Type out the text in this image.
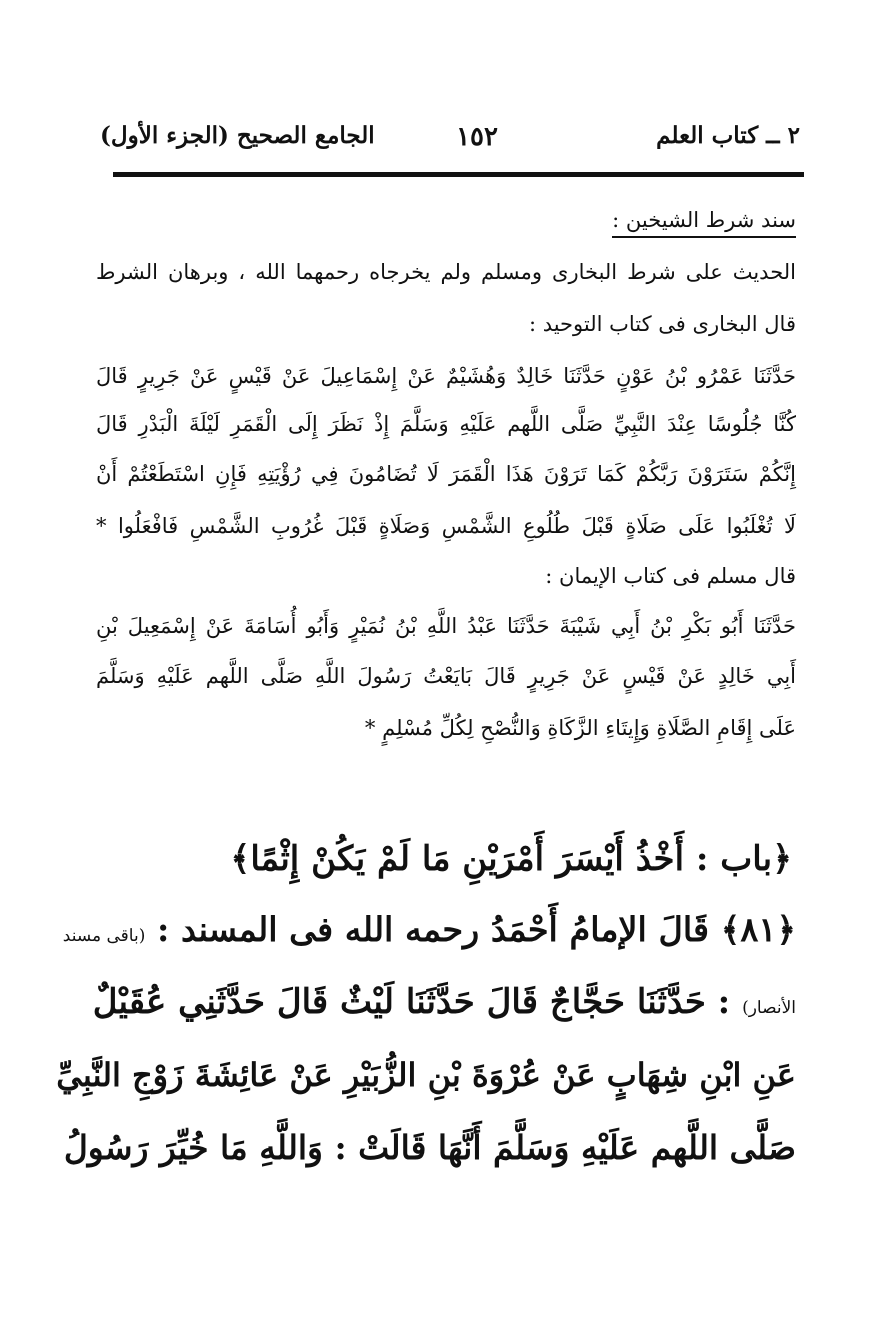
٢ ــ كتاب العلم
١٥٢
الجامع الصحيح (الجزء الأول)
سند شرط الشيخين :
الحديث على شرط البخارى ومسلم ولم يخرجاه رحمهما الله ، وبرهان الشرط
قال البخارى فى كتاب التوحيد :
حَدَّثَنَا عَمْرُو بْنُ عَوْنٍ حَدَّثَنَا خَالِدٌ وَهُشَيْمٌ عَنْ إِسْمَاعِيلَ عَنْ قَيْسٍ عَنْ جَرِيرٍ قَالَ
كُنَّا جُلُوسًا عِنْدَ النَّبِيِّ صَلَّى اللَّهم عَلَيْهِ وَسَلَّمَ إِذْ نَظَرَ إِلَى الْقَمَرِ لَيْلَةَ الْبَدْرِ قَالَ
إِنَّكُمْ سَتَرَوْنَ رَبَّكُمْ كَمَا تَرَوْنَ هَذَا الْقَمَرَ لَا تُضَامُونَ فِي رُؤْيَتِهِ فَإِنِ اسْتَطَعْتُمْ أَنْ
لَا تُغْلَبُوا عَلَى صَلَاةٍ قَبْلَ طُلُوعِ الشَّمْسِ وَصَلَاةٍ قَبْلَ غُرُوبِ الشَّمْسِ فَافْعَلُوا *
قال مسلم فى كتاب الإيمان :
حَدَّثَنَا أَبُو بَكْرِ بْنُ أَبِي شَيْبَةَ حَدَّثَنَا عَبْدُ اللَّهِ بْنُ نُمَيْرٍ وَأَبُو أُسَامَةَ عَنْ إِسْمَعِيلَ بْنِ
أَبِي خَالِدٍ عَنْ قَيْسٍ عَنْ جَرِيرٍ قَالَ بَايَعْتُ رَسُولَ اللَّهِ صَلَّى اللَّهم عَلَيْهِ وَسَلَّمَ
عَلَى إِقَامِ الصَّلَاةِ وَإِيتَاءِ الزَّكَاةِ وَالنُّصْحِ لِكُلِّ مُسْلِمٍ *
﴿باب : أَخْذُ أَيْسَرَ أَمْرَيْنِ مَا لَمْ يَكُنْ إِثْمًا﴾
﴿٨١﴾ قَالَ الإمامُ أَحْمَدُ رحمه الله فى المسند : (باقى مسند
الأنصار) : حَدَّثَنَا حَجَّاجٌ قَالَ حَدَّثَنَا لَيْثٌ قَالَ حَدَّثَنِي عُقَيْلٌ
عَنِ ابْنِ شِهَابٍ عَنْ عُرْوَةَ بْنِ الزُّبَيْرِ عَنْ عَائِشَةَ زَوْجِ النَّبِيِّ
صَلَّى اللَّهم عَلَيْهِ وَسَلَّمَ أَنَّهَا قَالَتْ : وَاللَّهِ مَا خُيِّرَ رَسُولُ
